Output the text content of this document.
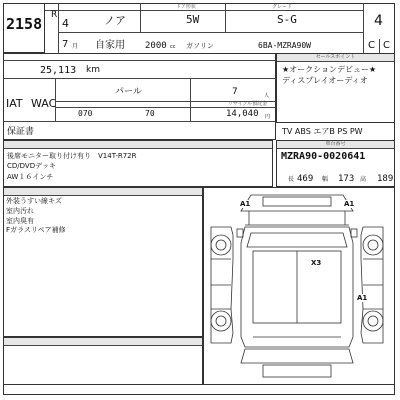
2158 R
4
7 月
ノア
自家用
ドア形状
5W
2000 cc ガソリン
グレード
S-G
6BA-MZRA90W
4
C C
25,113 km
IAT WAC
パール	7	人
070	70
リサイクル預託金
14,040 円
保証書
セールスポイント
★オークションデビュー★
ディスプレイオーディオ
TV ABS エアB PS PW
後席モニター取り付け有り　V14T-R72R
CD/DVDデッキ
AW１６インチ
車台番号
MZRA90-0020641
長 469 幅 173 高 189
外装うすい線キズ
室内汚れ
室内臭有
Fガラスリペア補修
A1	A1
X3
A1
